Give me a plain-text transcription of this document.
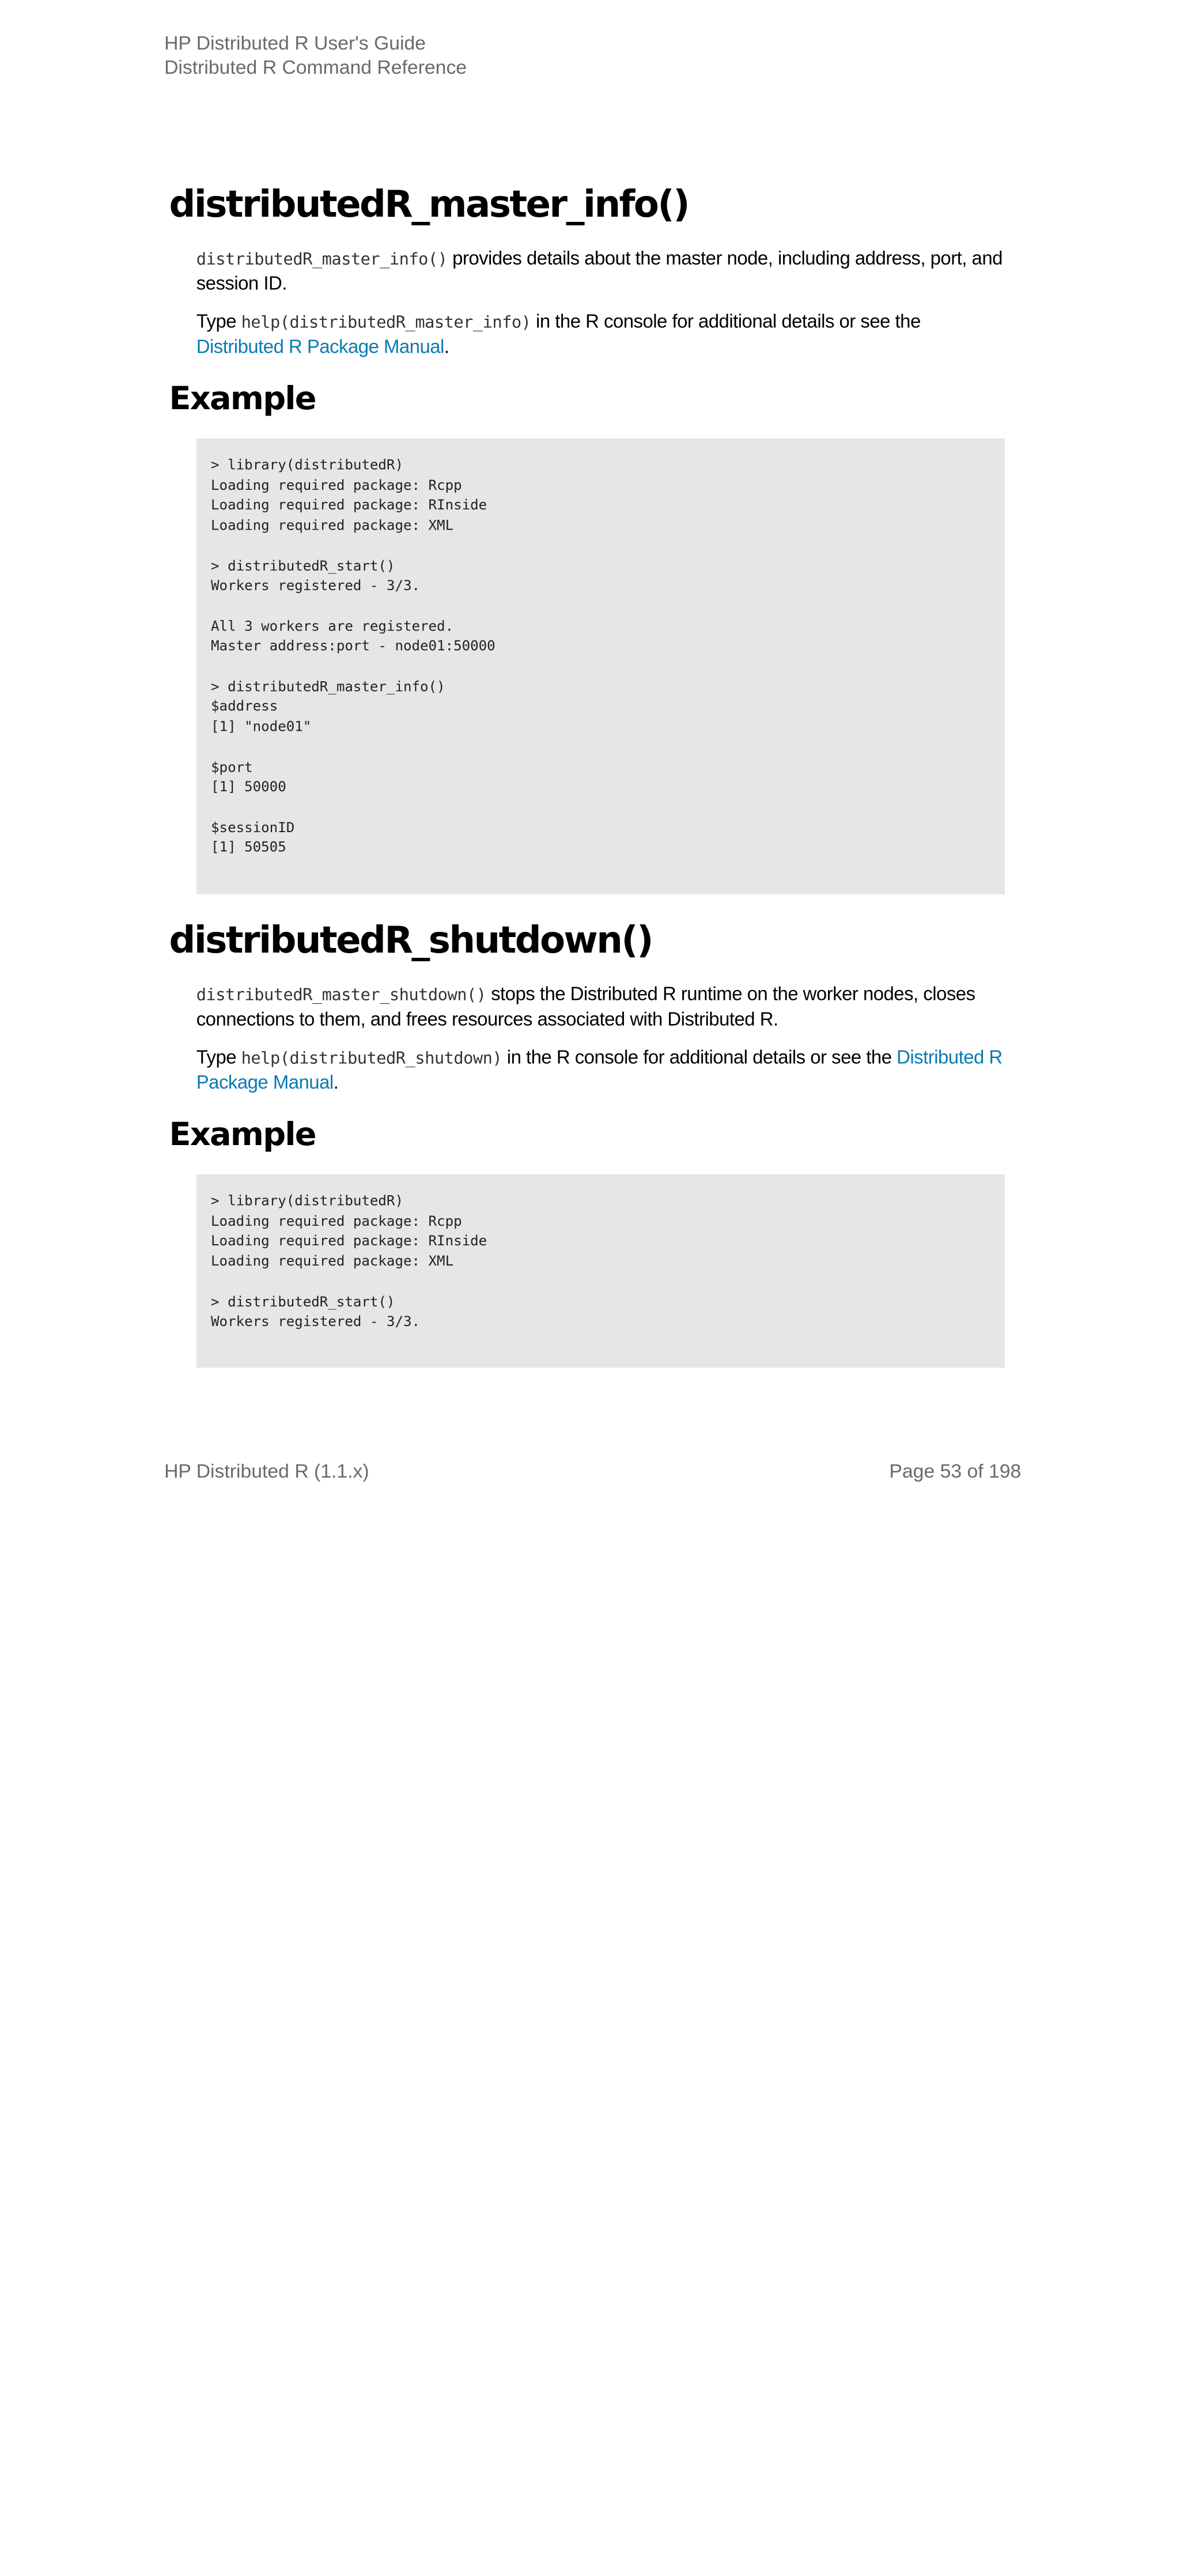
HP Distributed R User's Guide
Distributed R Command Reference
distributedR_master_info()
distributedR_master_info() provides details about the master node, including address, port, and session ID.
Type help(distributedR_master_info) in the R console for additional details or see the Distributed R Package Manual.
Example
> library(distributedR)
Loading required package: Rcpp
Loading required package: RInside
Loading required package: XML

> distributedR_start()
Workers registered - 3/3.

All 3 workers are registered.
Master address:port - node01:50000

> distributedR_master_info()
$address
[1] "node01"

$port
[1] 50000

$sessionID
[1] 50505
distributedR_shutdown()
distributedR_master_shutdown() stops the Distributed R runtime on the worker nodes, closes connections to them, and frees resources associated with Distributed R.
Type help(distributedR_shutdown) in the R console for additional details or see the Distributed R Package Manual.
Example
> library(distributedR)
Loading required package: Rcpp
Loading required package: RInside
Loading required package: XML

> distributedR_start()
Workers registered - 3/3.
HP Distributed R (1.1.x)	Page 53 of 198
